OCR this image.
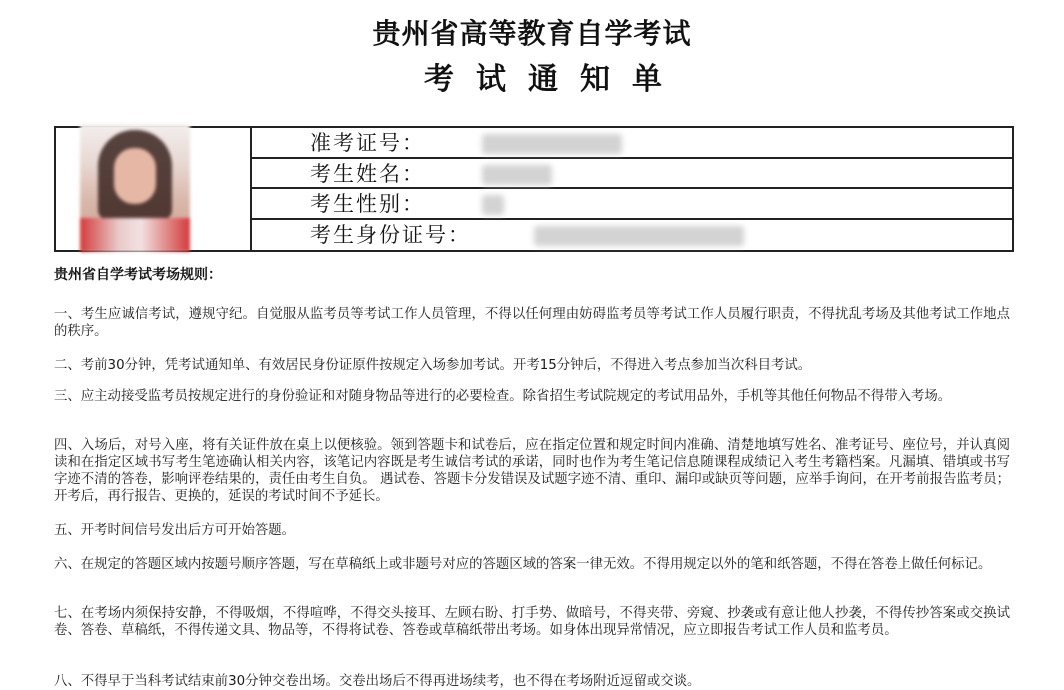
贵州省高等教育自学考试
考试通知单
准考证号：
考生姓名：
考生性别：
考生身份证号：
贵州省自学考试考场规则：

一、考生应诚信考试，遵规守纪。自觉服从监考员等考试工作人员管理，不得以任何理由妨碍监考员等考试工作人员履行职责，不得扰乱考场及其他考试工作地点的秩序。

二、考前30分钟，凭考试通知单、有效居民身份证原件按规定入场参加考试。开考15分钟后，不得进入考点参加当次科目考试。

三、应主动接受监考员按规定进行的身份验证和对随身物品等进行的必要检查。除省招生考试院规定的考试用品外，手机等其他任何物品不得带入考场。

四、入场后，对号入座，将有关证件放在桌上以便核验。领到答题卡和试卷后，应在指定位置和规定时间内准确、清楚地填写姓名、准考证号、座位号，并认真阅读和在指定区域书写考生笔迹确认相关内容，该笔记内容既是考生诚信考试的承诺，同时也作为考生笔记信息随课程成绩记入考生考籍档案。凡漏填、错填或书写字迹不清的答卷，影响评卷结果的，责任由考生自负。 遇试卷、答题卡分发错误及试题字迹不清、重印、漏印或缺页等问题，应举手询问，在开考前报告监考员；开考后，再行报告、更换的，延误的考试时间不予延长。

五、开考时间信号发出后方可开始答题。

六、在规定的答题区域内按题号顺序答题，写在草稿纸上或非题号对应的答题区域的答案一律无效。不得用规定以外的笔和纸答题，不得在答卷上做任何标记。

七、在考场内须保持安静，不得吸烟，不得喧哗，不得交头接耳、左顾右盼、打手势、做暗号，不得夹带、旁窥、抄袭或有意让他人抄袭，不得传抄答案或交换试卷、答卷、草稿纸，不得传递文具、物品等，不得将试卷、答卷或草稿纸带出考场。如身体出现异常情况，应立即报告考试工作人员和监考员。

八、不得早于当科考试结束前30分钟交卷出场。交卷出场后不得再进场续考，也不得在考场附近逗留或交谈。
